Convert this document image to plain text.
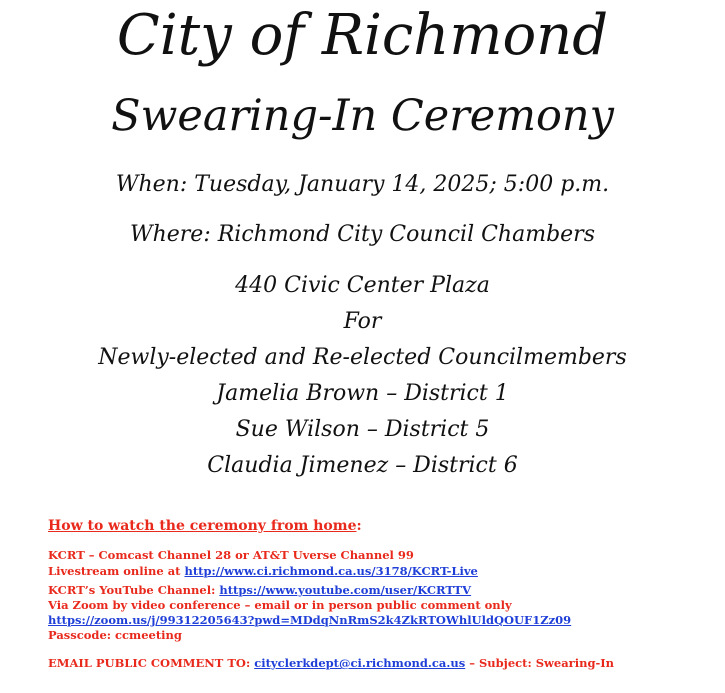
City of Richmond
Swearing-In Ceremony
When: Tuesday, January 14, 2025; 5:00 p.m.
Where: Richmond City Council Chambers
440 Civic Center Plaza
For
Newly-elected and Re-elected Councilmembers
Jamelia Brown – District 1
Sue Wilson – District 5
Claudia Jimenez – District 6
How to watch the ceremony from home:
KCRT – Comcast Channel 28 or AT&T Uverse Channel 99
Livestream online at http://www.ci.richmond.ca.us/3178/KCRT-Live
KCRT’s YouTube Channel: https://www.youtube.com/user/KCRTTV
Via Zoom by video conference – email or in person public comment only
https://zoom.us/j/99312205643?pwd=MDdqNnRmS2k4ZkRTOWhlUldQOUF1Zz09
Passcode: ccmeeting
EMAIL PUBLIC COMMENT TO: cityclerkdept@ci.richmond.ca.us – Subject: Swearing-In
